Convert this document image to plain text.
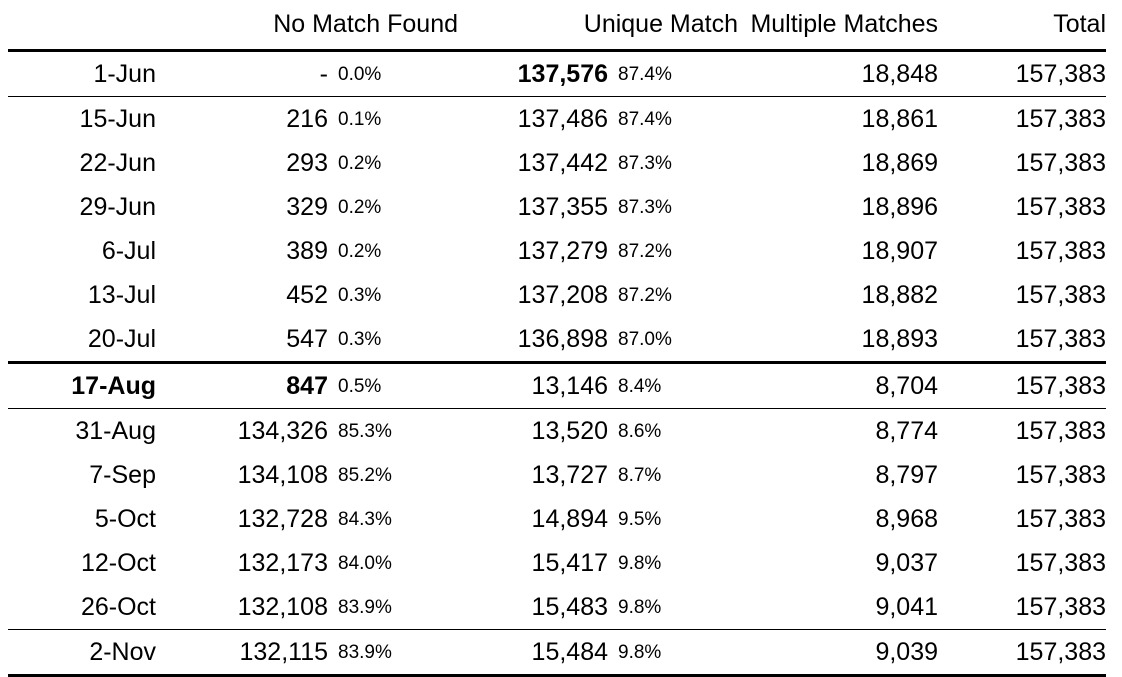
	No Match Found		Unique Match		Multiple Matches	Total
1-Jun	-	0.0%	137,576	87.4%	18,848	157,383
15-Jun	216	0.1%	137,486	87.4%	18,861	157,383
22-Jun	293	0.2%	137,442	87.3%	18,869	157,383
29-Jun	329	0.2%	137,355	87.3%	18,896	157,383
6-Jul	389	0.2%	137,279	87.2%	18,907	157,383
13-Jul	452	0.3%	137,208	87.2%	18,882	157,383
20-Jul	547	0.3%	136,898	87.0%	18,893	157,383
17-Aug	847	0.5%	13,146	8.4%	8,704	157,383
31-Aug	134,326	85.3%	13,520	8.6%	8,774	157,383
7-Sep	134,108	85.2%	13,727	8.7%	8,797	157,383
5-Oct	132,728	84.3%	14,894	9.5%	8,968	157,383
12-Oct	132,173	84.0%	15,417	9.8%	9,037	157,383
26-Oct	132,108	83.9%	15,483	9.8%	9,041	157,383
2-Nov	132,115	83.9%	15,484	9.8%	9,039	157,383
